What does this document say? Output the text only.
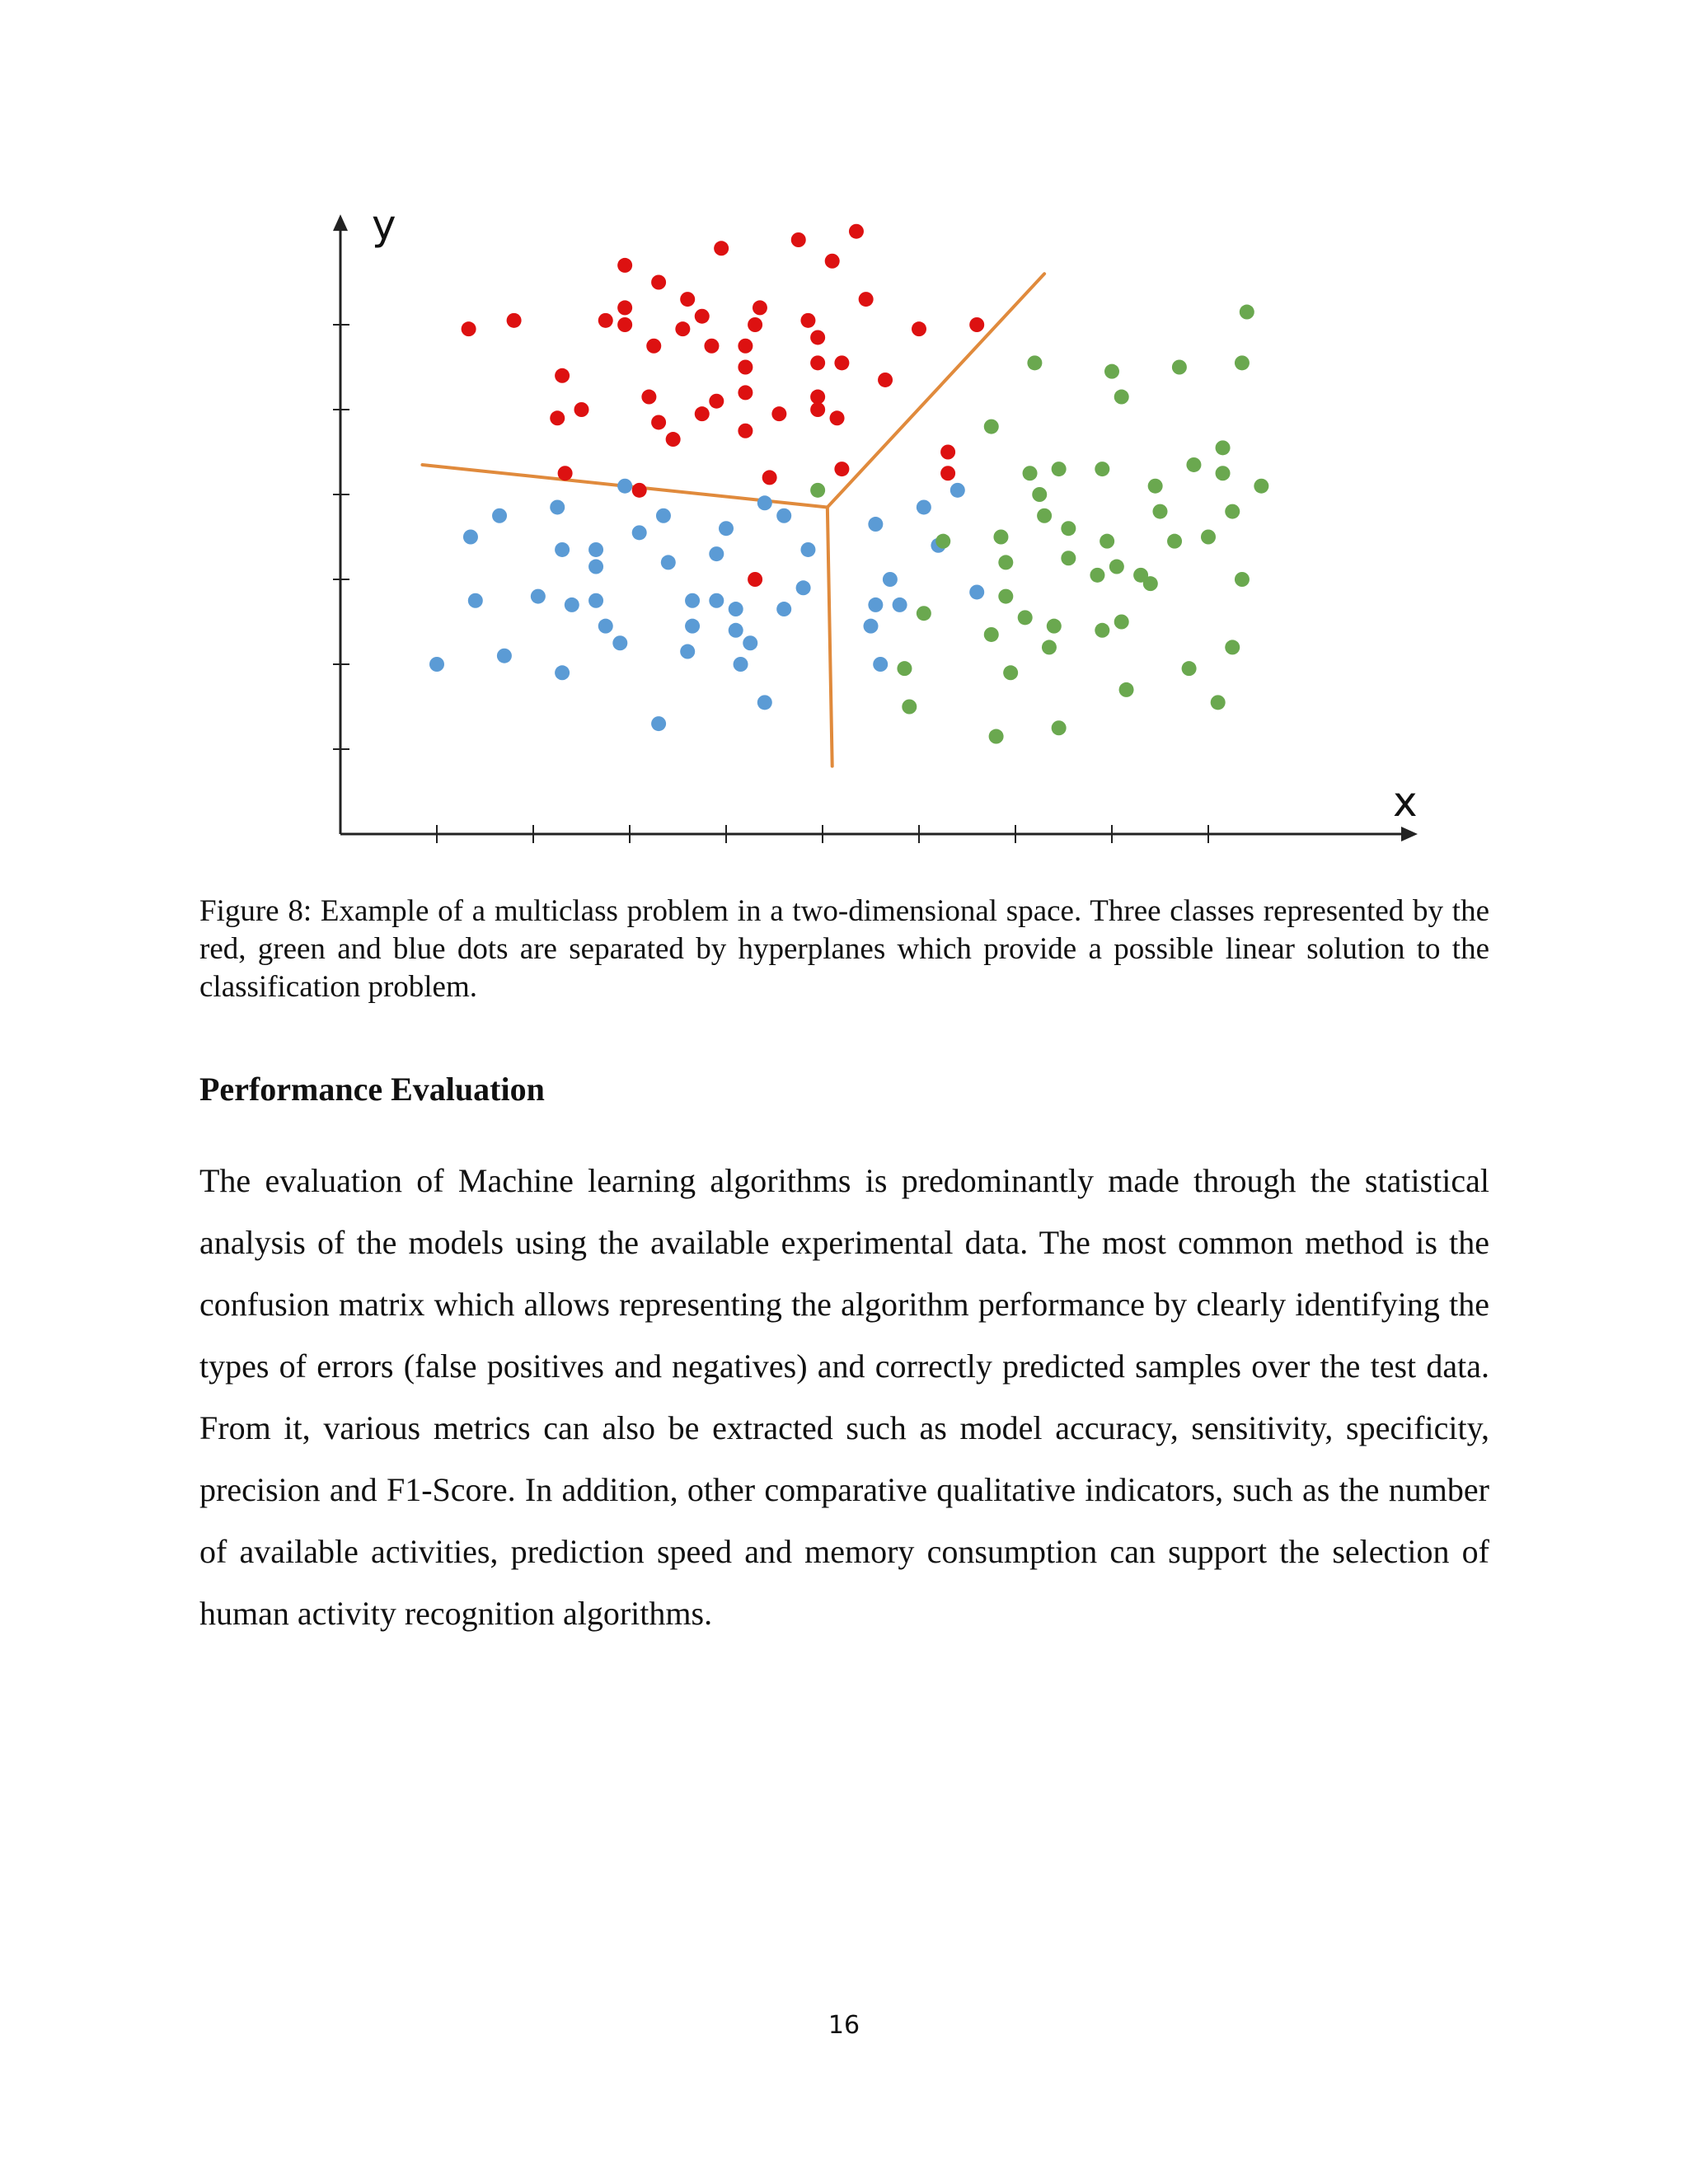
x
y
Figure 8: Example of a multiclass problem in a two-dimensional space. Three classes represented by the red, green and blue dots are separated by hyperplanes which provide a possible linear solution to the classification problem.
Performance Evaluation
The evaluation of Machine learning algorithms is predominantly made through the statistical analysis of the models using the available experimental data. The most common method is the confusion matrix which allows representing the algorithm performance by clearly identifying the types of errors (false positives and negatives) and correctly predicted samples over the test data. From it, various metrics can also be extracted such as model accuracy, sensitivity, specificity, precision and F1-Score. In addition, other comparative qualitative indicators, such as the number of available activities, prediction speed and memory consumption can support the selection of human activity recognition algorithms.
16
